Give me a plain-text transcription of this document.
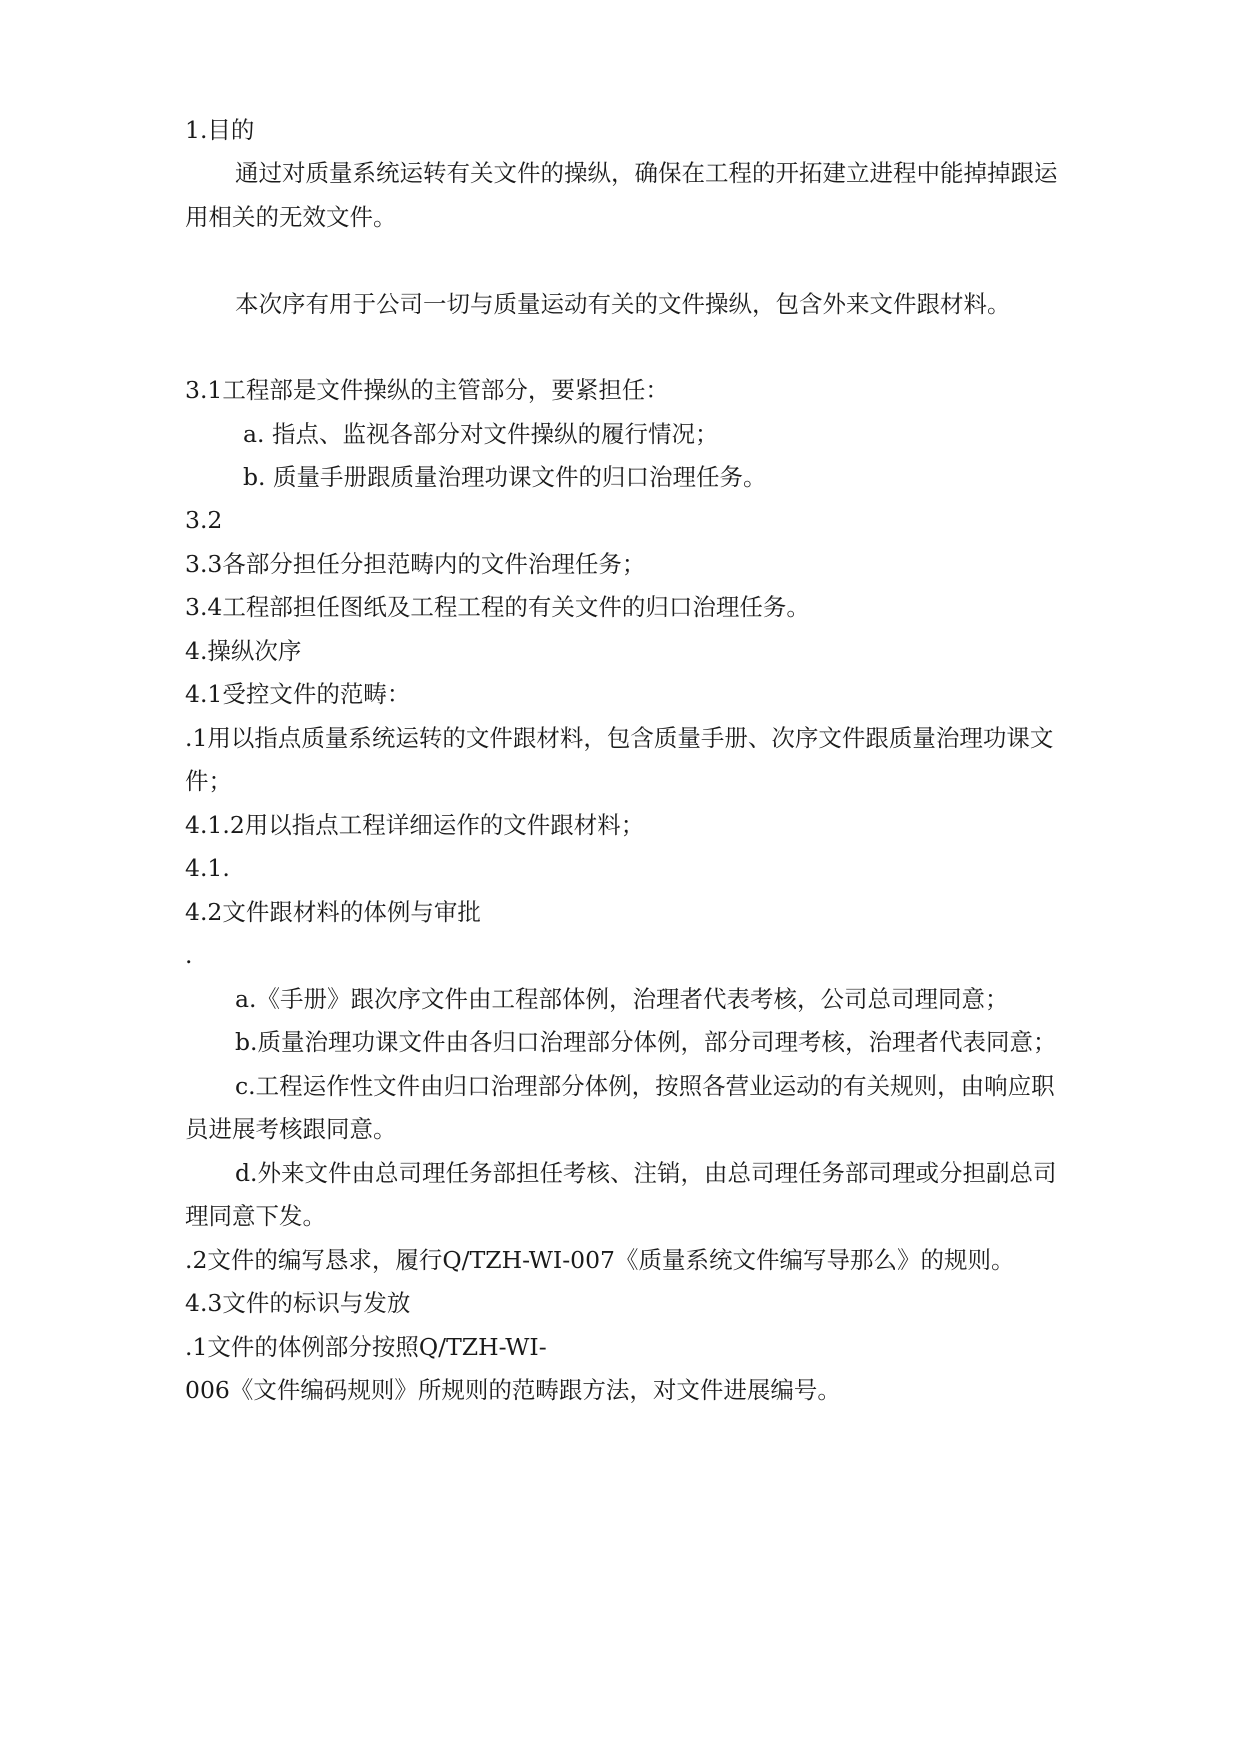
1.目的
通过对质量系统运转有关文件的操纵，确保在工程的开拓建立进程中能掉掉跟运
用相关的无效文件。
本次序有用于公司一切与质量运动有关的文件操纵，包含外来文件跟材料。
3.1工程部是文件操纵的主管部分，要紧担任：
a. 指点、监视各部分对文件操纵的履行情况；
b. 质量手册跟质量治理功课文件的归口治理任务。
3.2
3.3各部分担任分担范畴内的文件治理任务；
3.4工程部担任图纸及工程工程的有关文件的归口治理任务。
4.操纵次序
4.1受控文件的范畴：
.1用以指点质量系统运转的文件跟材料，包含质量手册、次序文件跟质量治理功课文
件；
4.1.2用以指点工程详细运作的文件跟材料；
4.1.
4.2文件跟材料的体例与审批
.
a.《手册》跟次序文件由工程部体例，治理者代表考核，公司总司理同意；
b.质量治理功课文件由各归口治理部分体例，部分司理考核，治理者代表同意；
c.工程运作性文件由归口治理部分体例，按照各营业运动的有关规则，由响应职
员进展考核跟同意。
d.外来文件由总司理任务部担任考核、注销，由总司理任务部司理或分担副总司
理同意下发。
.2文件的编写恳求，履行Q/TZH-WI-007《质量系统文件编写导那么》的规则。
4.3文件的标识与发放
.1文件的体例部分按照Q/TZH-WI-
006《文件编码规则》所规则的范畴跟方法，对文件进展编号。
